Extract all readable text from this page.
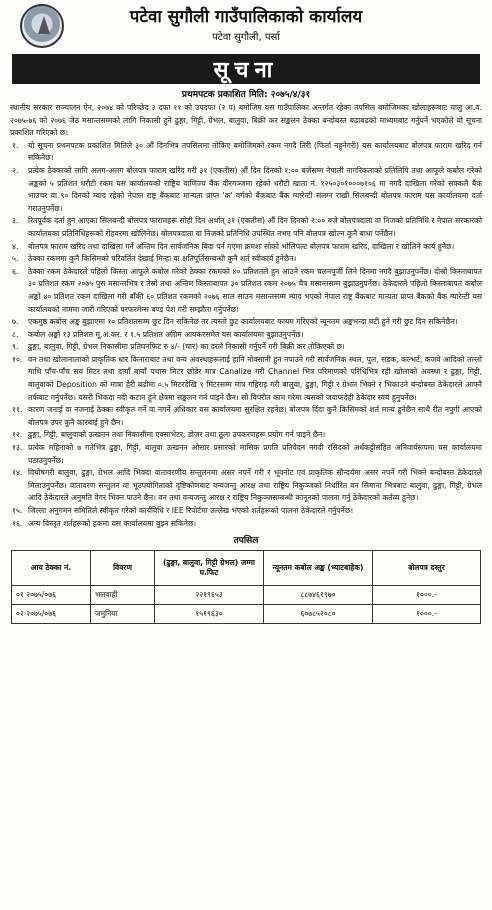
पटेवा सुगौली गाउँपालिकाको कार्यालय
पटेवा सुगौली, पर्सा
सूचना
प्रथमपटक प्रकाशित मिति: २०७५/४/३१

स्थानीय सरकार सञ्चालन ऐन, २०७४ को परिच्छेद ३ दफा ११ को उपदफा (२ प) बमोजिम यस गाउँपालिका अन्तर्गत रहेका तपसिल बमोजिमका खोलाहरूबाट चालु आ.व. २०७५-७६ को २०७६ जेठ मसान्तसम्मको लागि निकासी हुने ढुङ्गा, गिट्टी, ग्रेभल, बालुवा, बिक्री कर सङ्कलन ठेक्का बन्दोबस्त बढाबढको माध्यमबाट गर्नुपर्ने भएकोले यो सूचना प्रकाशित गरिएको छ।

१. यो सूचना प्रथमपटक प्रकाशित मितिले ३० औं दिनभित्र तपसिलमा तोकिए बमोजिमको रकम नगदै तिरी (फिर्ता नहुनेगरी) यस कार्यालयबाट बोलपत्र फाराम खरिद गर्न सकिनेछ।
२. प्रत्येक ठेक्काको लागि अलग-अलग बोलपत्र फाराम खरिद गरी ३१ (एकतीस) औं दिन दिनको १:०० बजेसम्म नेपाली नागरिकताको प्रतिलिपि तथा आफूले कबोल गरेको अङ्कको ५ प्रतिशत धरौटी रकम यस कार्यालयको राष्ट्रिय वाणिज्य बैंक वीरगञ्जमा रहेको धरौटी खाता नं. १२५०३०१०००७१०६ मा नगदै दाखिला गरेको सक्कलै बैंक भाउचर वा ९० दिनको म्याद रहेको नेपाल राष्ट्र बैंकबाट मान्यता प्राप्त 'क' वर्गको बैंकबाट बैंक ग्यारेन्टी संलग्न राखी सिलबन्दी बोलपत्र फाराम यस कार्यालयमा दर्ता गराउनुपर्नेछ।
३. रितपूर्वक दर्ता हुन आएका सिलबन्दी बोलपत्र फारामहरू सोही दिन अर्थात् ३१ (एकतीस) औं दिन दिनको २:०० बजे बोलपत्रदाता वा निजको प्रतिनिधि र नेपाल सरकारको कार्यालयका प्रतिनिधिहरूको रोहवरमा खोलिनेछ। बोलपत्रदाता वा निजको प्रतिनिधि उपस्थित नभए पनि बोलपत्र खोल्न कुनै बाधा पर्नेछैन।
४. बोलपत्र फाराम खरिद तथा दाखिला गर्ने अन्तिम दिन सार्वजनिक बिदा पर्न गएमा क्रमशः सोको भोलिपल्ट बोलपत्र फाराम खरिद, दाखिला र खोलिने कार्य हुनेछ।
५. ठेक्का रकममा कुनै किसिमको परिवर्तित देखाई मिन्हा वा क्षतिपूर्तिसम्बन्धी कुनै शर्त स्वीकार्य हुनेछैन।
६. ठेक्का रकम ठेकेदारले पहिलो किस्ता आफूले कबोल गरेको ठेक्का रकमको ४० प्रतिशतले हुन आउने रकम चलनपूर्जी लिने दिनमा नगदै बुझाउनुपर्नेछ। दोस्रो किस्ताबापत ३० प्रतिशत रकम २०७५ पुस मसान्तभित्र र तेस्रो तथा अन्तिम किस्ताबापत ३० प्रतिशत रकम २०७५ चैत्र मसान्तसम्म बुझाउनुपर्नेछ। ठेकेदारले पहिलो किस्ताबापत कबोल अङ्को ४० प्रतिशत रकम दाखिला गरी बाँकी ६० प्रतिशत रकमको २०७६ साल साउन मसान्तसम्म म्याद भएको नेपाल राष्ट्र बैंकबाट मान्यता प्राप्त बैंकको बैंक ग्यारेन्टी यस कार्यालयको नाममा जारी गरिएको परफरमेन्स बण्ड पेश गरी सम्झौता गर्नुपर्नेछ।
७. एकमुष्ठ कबोल अङ्क बुझाएमा १० प्रतिशतसम्म छुट दिन सकिनेछ तर त्यस्तो छुट कार्यालयबाट कायम गरिएको न्यूनतम अङ्कभन्दा घटी हुने गरी छुट दिन सकिनेछैन।
८. कबोल अङ्को १३ प्रतिशत मू.अ.कर. र १.५ प्रतिशत अग्रिम आयकरसमेत यस कार्यालयमा बुझाउनुपर्नेछ।
९. ढुङ्गा, बालुवा, गिट्टी, ग्रेभल निकासीमा प्रतिघनफिट रु ४/- (चार) का दरले निकासी गर्नुपर्ने गरी बिक्री कर तोकिएको छ।
१०. वन तथा खोलानालाको प्राकृतिक धार किनाराबाट तथा वन्य अवस्थाहरूलाई हानि नोक्सानी हुन नपाउने गरी सार्वजनिक स्थल, पुल, सडक, कल्भर्ट, कजवे आदिको तल्लो माथि पाँच-पाँच सय मिटर तथा दायाँ बायाँ पचास मिटर छोडेर मात्र Canalize गरी Channel भित्र परिमाणको परिधिभित्र रही खोलाको अवस्था र ढुङ्गा, गिट्टी, बालुवाको Deposition को मात्रा हेरी बढीमा ०.५ मिटरदेखि १ मिटरसम्म मात्र गहिराइ गरी बालुवा, ढुङ्गा, गिट्टी र ग्रेभल भिक्ने र भिकाउने बन्दोबस्त ठेकेदारले आफ्नै तर्फबाट गर्नुपर्नेछ। यसरी भिकदा नदी कटान हुने क्षेत्रमा सङ्कलन गर्न पाइने छैन। सो विपरीत काम गरेमा त्यसको जवाफदेही ठेकेदार स्वयं हुनुपर्नेछ।
११. कारण जनाई वा नजनाई ठेक्का स्वीकृत गर्ने वा नगर्ने अधिकार यस कार्यालयमा सुरक्षित रहनेछ। बोलपत्र दिंदा कुनै किसिमको शर्त मान्य हुनेछैन साथै रीत नपुगी आएको बोलपत्र उपर कुनै कारबाई हुने छैन।
१२. ढुङ्गा, गिट्टी, बालुवाको उत्खनन तथा निकासीमा एक्साभेटर, डोजर तथा ठूला उपकरणहरू प्रयोग गर्न पाइने छैन।
१३. प्रत्येक महिनाको ७ गतेभित्र ढुङ्गा, गिट्टी, बालुवा उत्खनन ओसार प्रसारको मासिक प्रगति प्रतिवेदन नगदी रसिदको अर्धकट्टीसहित अनिवार्यरूपमा यस कार्यालयमा पठाउनुपर्नेछ।
१४. वियोषगरी बालुवा, ढुङ्गा, ग्रेभल आदि भिक्दा वातावरणीय सन्तुलनमा असर नपर्ने गरी र भूवनोट एवं प्राकृतिक सौन्दर्यमा असर नपर्ने गरी भिक्ने बन्दोबस्त ठेकेदारले मिलाउनुपर्नेछ। वातावरण सन्तुलन वा भूउपयोगिताको दृष्टिकोणबाट वन्यजन्तु आरक्ष तथा राष्ट्रिय निकुञ्जको निर्धारित वन सिमाना भित्रबाट बालुवा, ढुङ्गा, गिट्टी, ग्रेभल आदि ठेकेदारले अनुमति वेगर भिक्न पाउने छैन। वन तथा वन्यजन्तु आरक्ष र राष्ट्रिय निकुञ्जसम्बन्धी कानूनको पालना गर्नु ठेकेदारको कर्तव्य हुनेछ।
१५. जिल्ला अनुगमन समितिले स्वीकृत गरेको कार्यविधि र IEE रिपोर्टमा उल्लेख भएको शर्तहरूको पालना ठेकेदारले गर्नुपर्नेछ।
१६. अन्य विस्तृत शर्तहरूको हकमा यस कार्यालयमा बुझ्न सकिनेछ।
तपसिल
आय ठेक्का नं.	विवरण	(ढुङ्गा, बालुवा, गिट्टी ग्रेभल) जम्मा घ.फिट	न्यूनतम कबोल अङ्क (भ्याटबाहेक)	बोलपत्र दस्तुर
०१ २०७५/०७६	भलवाही	२२१९६५३	८८७४६१९७०	१०००.-
०२ २०७५/०७६	जमुनिया	१५१९६३०	६०७८५२०८०	१०००.-
